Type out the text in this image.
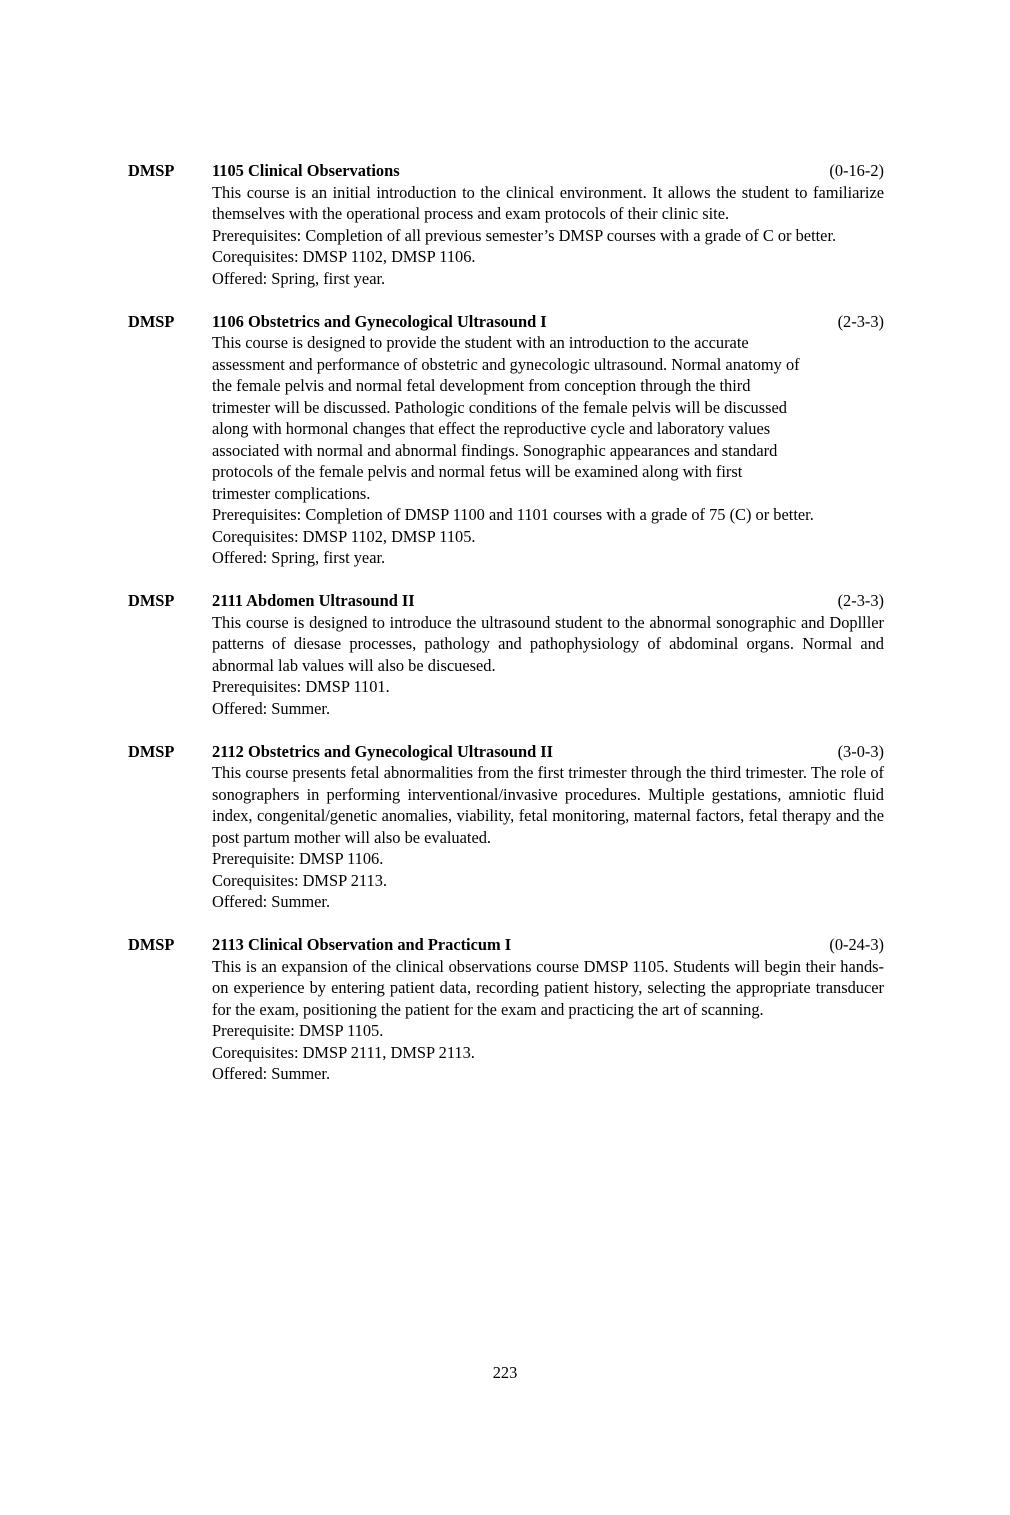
DMSP	1105 Clinical Observations	(0-16-2)

This course is an initial introduction to the clinical environment. It allows the student to familiarize themselves with the operational process and exam protocols of their clinic site.

Prerequisites: Completion of all previous semester’s DMSP courses with a grade of C or better.

Corequisites: DMSP 1102, DMSP 1106.

Offered: Spring, first year.

DMSP	1106 Obstetrics and Gynecological Ultrasound I	(2-3-3)

This course is designed to provide the student with an introduction to the accurate

assessment and performance of obstetric and gynecologic ultrasound. Normal anatomy of

the female pelvis and normal fetal development from conception through the third

trimester will be discussed. Pathologic conditions of the female pelvis will be discussed

along with hormonal changes that effect the reproductive cycle and laboratory values

associated with normal and abnormal findings. Sonographic appearances and standard

protocols of the female pelvis and normal fetus will be examined along with first

trimester complications.

Prerequisites: Completion of DMSP 1100 and 1101 courses with a grade of 75 (C) or better.

Corequisites: DMSP 1102, DMSP 1105.

Offered: Spring, first year.

DMSP	2111 Abdomen Ultrasound II	(2-3-3)

This course is designed to introduce the ultrasound student to the abnormal sonographic and Doplller patterns of diesase processes, pathology and pathophysiology of abdominal organs. Normal and abnormal lab values will also be discuesed.

Prerequisites: DMSP 1101.

Offered: Summer.

DMSP	2112 Obstetrics and Gynecological Ultrasound II	(3-0-3)

This course presents fetal abnormalities from the first trimester through the third trimester. The role of sonographers in performing interventional/invasive procedures. Multiple gestations, amniotic fluid index, congenital/genetic anomalies, viability, fetal monitoring, maternal factors, fetal therapy and the post partum mother will also be evaluated.

Prerequisite: DMSP 1106.

Corequisites: DMSP 2113.

Offered: Summer.

DMSP	2113 Clinical Observation and Practicum I	(0-24-3)

This is an expansion of the clinical observations course DMSP 1105. Students will begin their hands-on experience by entering patient data, recording patient history, selecting the appropriate transducer for the exam, positioning the patient for the exam and practicing the art of scanning.

Prerequisite: DMSP 1105.

Corequisites: DMSP 2111, DMSP 2113.

Offered: Summer.

223
